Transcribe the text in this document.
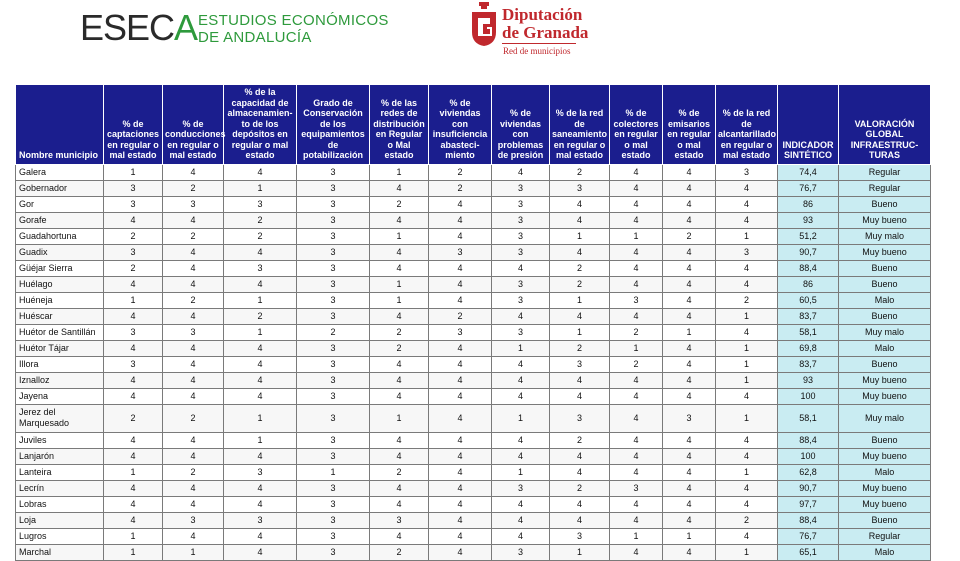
ESECA ESTUDIOS ECONÓMICOS
DE ANDALUCÍA
Diputación
de Granada
Red de municipios
Nombre municipio	% de captaciones en regular o mal estado	% de conducciones en regular o mal estado	% de la capacidad de almacenamien-to de los depósitos en regular o mal estado	Grado de Conservación de los equipamientos de potabilización	% de las redes de distribución en Regular o Mal estado	% de viviendas con insuficiencia abasteci-miento	% de viviendas con problemas de presión	% de la red de saneamiento en regular o mal estado	% de colectores en regular o mal estado	% de emisarios en regular o mal estado	% de la red de alcantarillado en regular o mal estado	INDICADOR SINTÉTICO	VALORACIÓN GLOBAL INFRAESTRUC-TURAS
Galera	1	4	4	3	1	2	4	2	4	4	3	74,4	Regular
Gobernador	3	2	1	3	4	2	3	3	4	4	4	76,7	Regular
Gor	3	3	3	3	2	4	3	4	4	4	4	86	Bueno
Gorafe	4	4	2	3	4	4	3	4	4	4	4	93	Muy bueno
Guadahortuna	2	2	2	3	1	4	3	1	1	2	1	51,2	Muy malo
Guadix	3	4	4	3	4	3	3	4	4	4	3	90,7	Muy bueno
Güéjar Sierra	2	4	3	3	4	4	4	2	4	4	4	88,4	Bueno
Huélago	4	4	4	3	1	4	3	2	4	4	4	86	Bueno
Huéneja	1	2	1	3	1	4	3	1	3	4	2	60,5	Malo
Huéscar	4	4	2	3	4	2	4	4	4	4	1	83,7	Bueno
Huétor de Santillán	3	3	1	2	2	3	3	1	2	1	4	58,1	Muy malo
Huétor Tájar	4	4	4	3	2	4	1	2	1	4	1	69,8	Malo
Illora	3	4	4	3	4	4	4	3	2	4	1	83,7	Bueno
Iznalloz	4	4	4	3	4	4	4	4	4	4	1	93	Muy bueno
Jayena	4	4	4	3	4	4	4	4	4	4	4	100	Muy bueno
Jerez del Marquesado	2	2	1	3	1	4	1	3	4	3	1	58,1	Muy malo
Juviles	4	4	1	3	4	4	4	2	4	4	4	88,4	Bueno
Lanjarón	4	4	4	3	4	4	4	4	4	4	4	100	Muy bueno
Lanteira	1	2	3	1	2	4	1	4	4	4	1	62,8	Malo
Lecrín	4	4	4	3	4	4	3	2	3	4	4	90,7	Muy bueno
Lobras	4	4	4	3	4	4	4	4	4	4	4	97,7	Muy bueno
Loja	4	3	3	3	3	4	4	4	4	4	2	88,4	Bueno
Lugros	1	4	4	3	4	4	4	3	1	1	4	76,7	Regular
Marchal	1	1	4	3	2	4	3	1	4	4	1	65,1	Malo
